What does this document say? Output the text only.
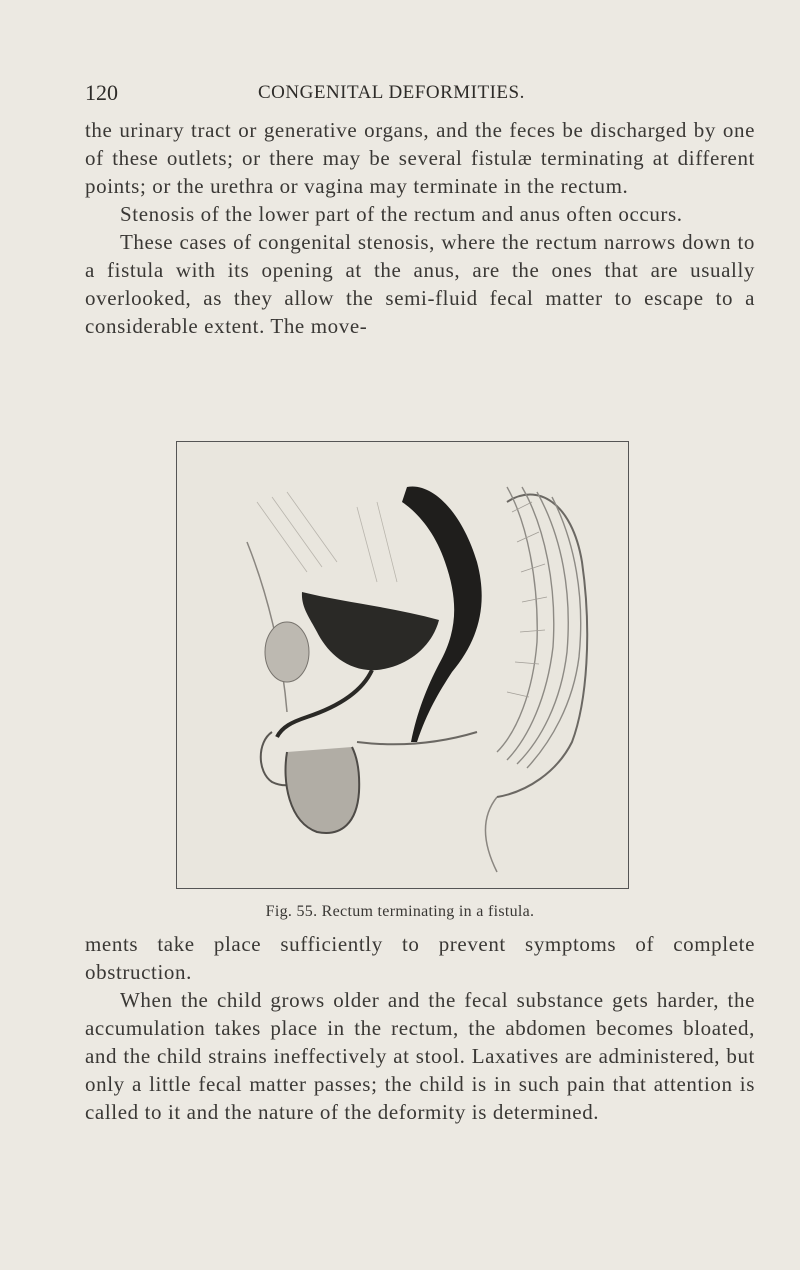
120	CONGENITAL DEFORMITIES.

the urinary tract or generative organs, and the feces be discharged by one of these outlets; or there may be several fistulæ terminating at different points; or the urethra or vagina may terminate in the rectum.

Stenosis of the lower part of the rectum and anus often occurs.

These cases of congenital stenosis, where the rectum narrows down to a fistula with its opening at the anus, are the ones that are usually overlooked, as they allow the semi-fluid fecal matter to escape to a considerable extent. The move-

Fig. 55. Rectum terminating in a fistula.

ments take place sufficiently to prevent symptoms of complete obstruction.

When the child grows older and the fecal substance gets harder, the accumulation takes place in the rectum, the abdomen becomes bloated, and the child strains ineffectively at stool. Laxatives are administered, but only a little fecal matter passes; the child is in such pain that attention is called to it and the nature of the deformity is determined.
